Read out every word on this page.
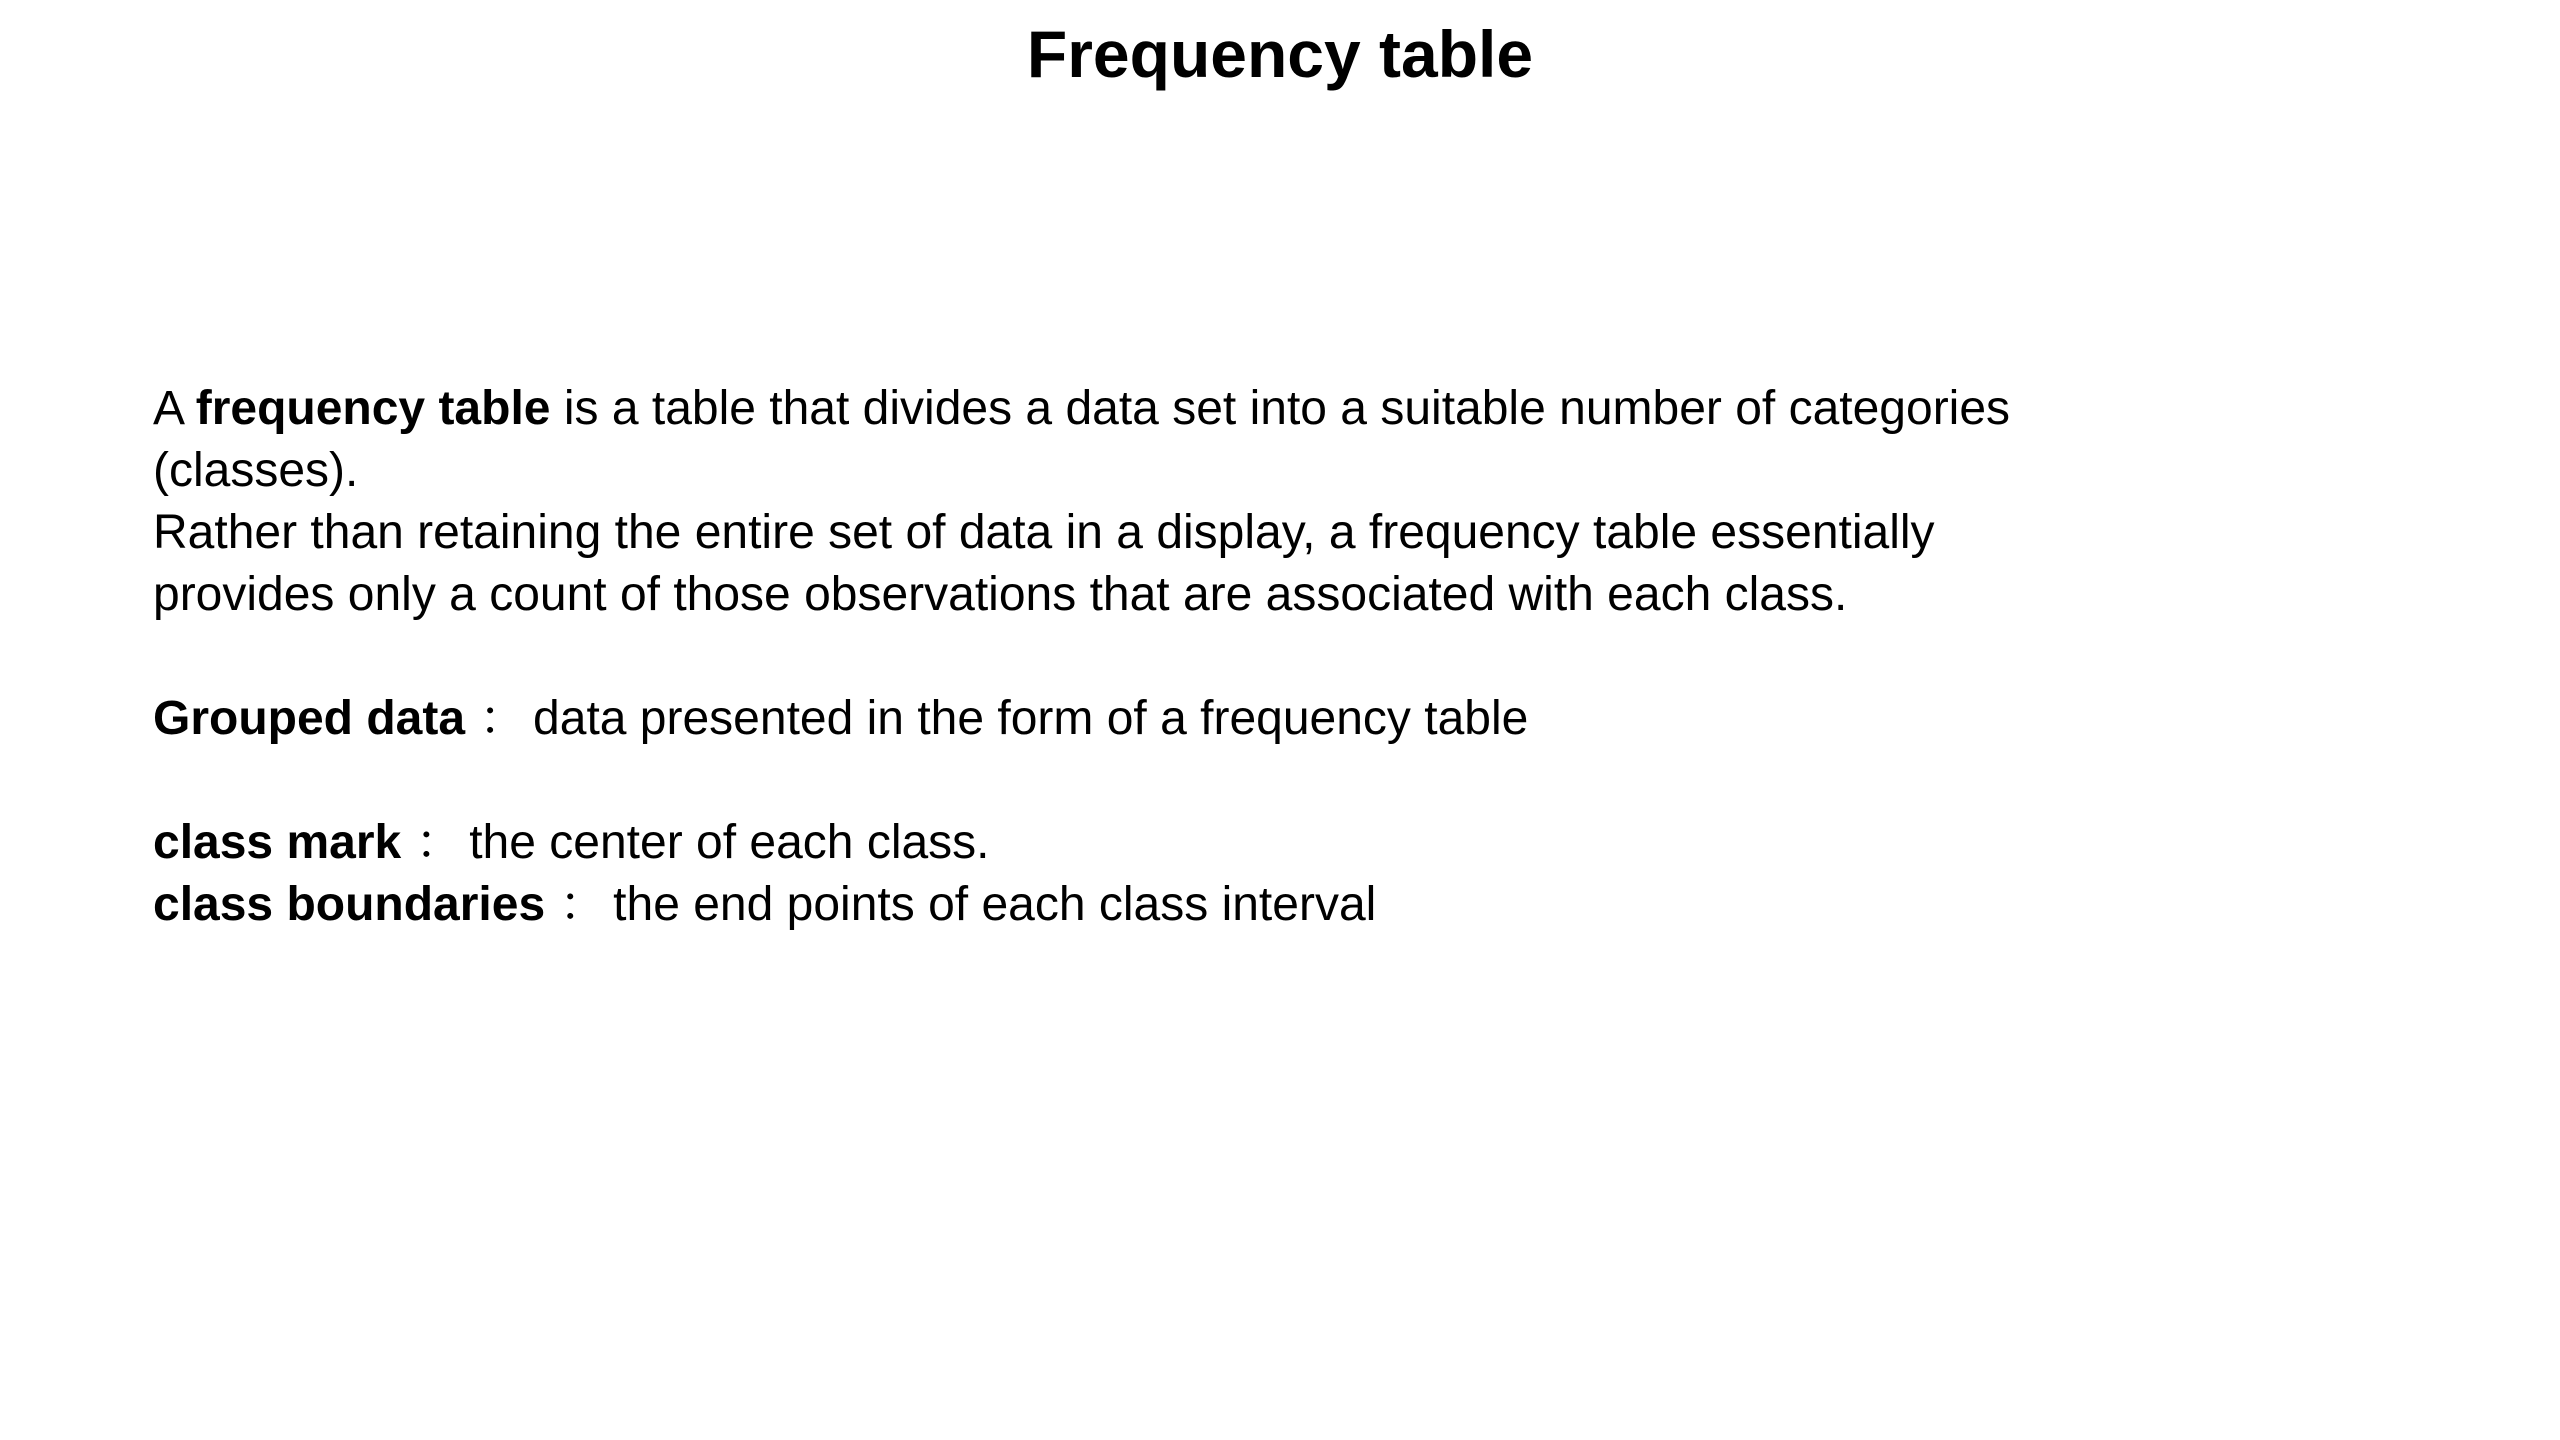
Frequency table

A frequency table is a table that divides a data set into a suitable number of categories

(classes).

Rather than retaining the entire set of data in a display, a frequency table essentially

provides only a count of those observations that are associated with each class.

Grouped data ： data presented in the form of a frequency table

class mark ： the center of each class.

class boundaries ： the end points of each class interval
